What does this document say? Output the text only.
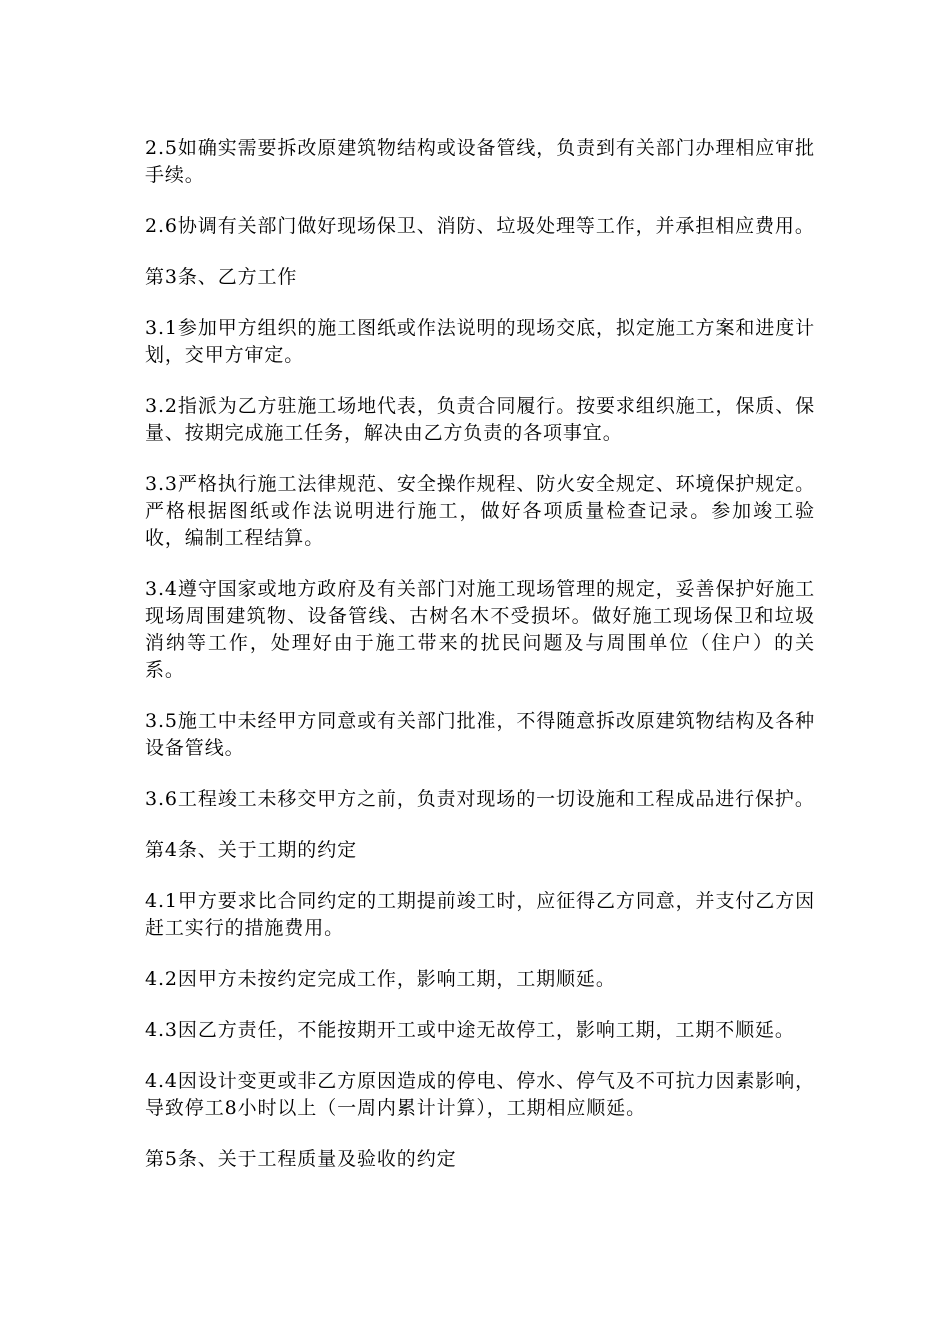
2.5如确实需要拆改原建筑物结构或设备管线，负责到有关部门办理相应审批手续。

2.6协调有关部门做好现场保卫、消防、垃圾处理等工作，并承担相应费用。

第3条、乙方工作

3.1参加甲方组织的施工图纸或作法说明的现场交底，拟定施工方案和进度计划，交甲方审定。

3.2指派为乙方驻施工场地代表，负责合同履行。按要求组织施工，保质、保量、按期完成施工任务，解决由乙方负责的各项事宜。

3.3严格执行施工法律规范、安全操作规程、防火安全规定、环境保护规定。严格根据图纸或作法说明进行施工，做好各项质量检查记录。参加竣工验收，编制工程结算。

3.4遵守国家或地方政府及有关部门对施工现场管理的规定，妥善保护好施工现场周围建筑物、设备管线、古树名木不受损坏。做好施工现场保卫和垃圾消纳等工作，处理好由于施工带来的扰民问题及与周围单位（住户）的关系。

3.5施工中未经甲方同意或有关部门批准，不得随意拆改原建筑物结构及各种设备管线。

3.6工程竣工未移交甲方之前，负责对现场的一切设施和工程成品进行保护。

第4条、关于工期的约定

4.1甲方要求比合同约定的工期提前竣工时，应征得乙方同意，并支付乙方因赶工实行的措施费用。

4.2因甲方未按约定完成工作，影响工期，工期顺延。

4.3因乙方责任，不能按期开工或中途无故停工，影响工期，工期不顺延。

4.4因设计变更或非乙方原因造成的停电、停水、停气及不可抗力因素影响，导致停工8小时以上（一周内累计计算），工期相应顺延。

第5条、关于工程质量及验收的约定
